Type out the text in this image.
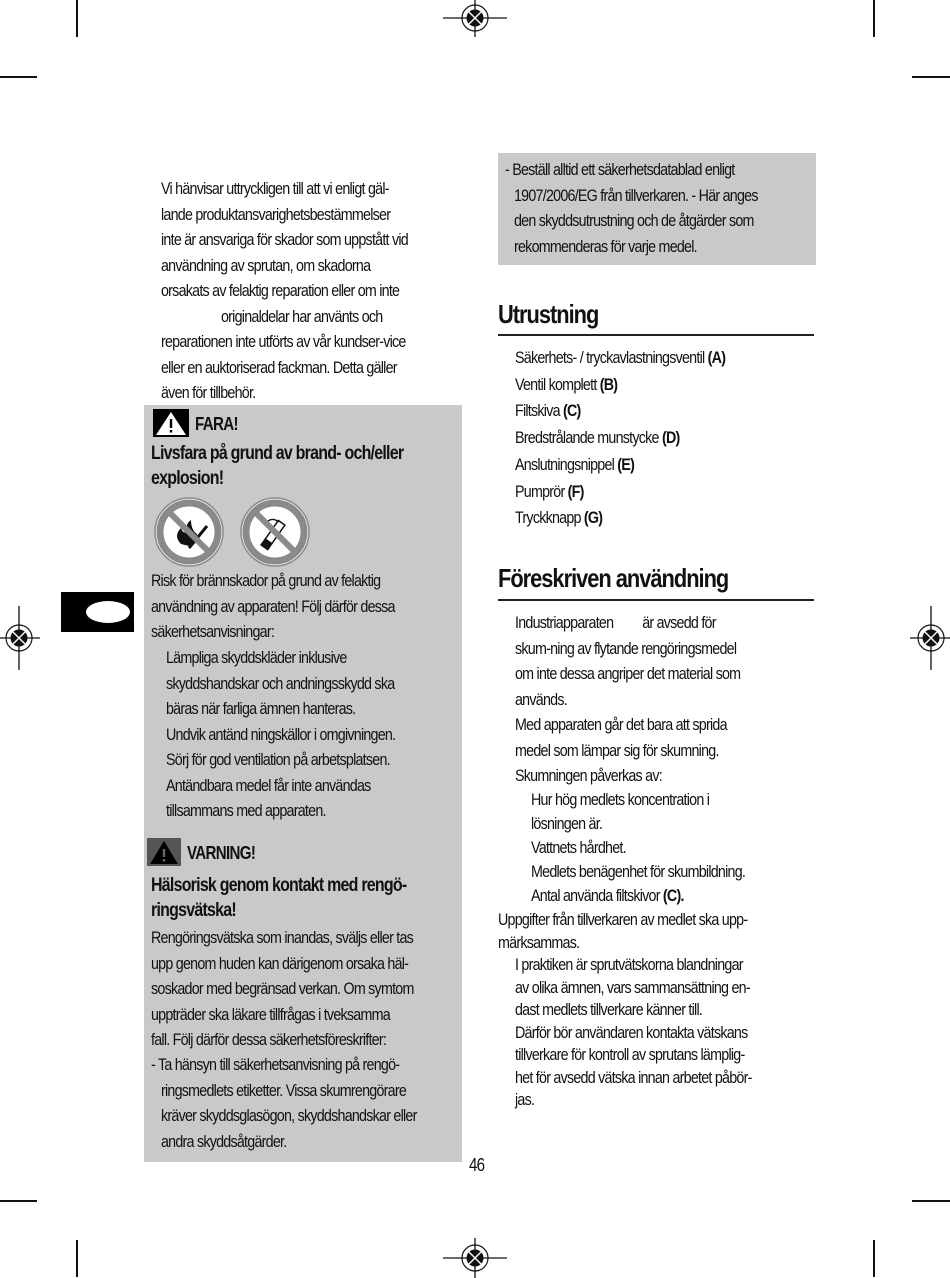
Vi hänvisar uttryckligen till att vi enligt gäl-
lande produktansvarighetsbestämmelser
inte är ansvariga för skador som uppstått vid
användning av sprutan, om skadorna
orsakats av felaktig reparation eller om inte
originaldelar har använts och
reparationen inte utförts av vår kundser-vice
eller en auktoriserad fackman. Detta gäller
även för tillbehör.
FARA!
Livsfara på grund av brand- och/eller
explosion!
Risk för brännskador på grund av felaktig
användning av apparaten! Följ därför dessa
säkerhetsanvisningar:
Lämpliga skyddskläder inklusive
skyddshandskar och andningsskydd ska
bäras när farliga ämnen hanteras.
Undvik antänd ningskällor i omgivningen.
Sörj för god ventilation på arbetsplatsen.
Antändbara medel får inte användas
tillsammans med apparaten.
VARNING!
Hälsorisk genom kontakt med rengö-
ringsvätska!
Rengöringsvätska som inandas, sväljs eller tas
upp genom huden kan därigenom orsaka häl-
soskador med begränsad verkan. Om symtom
uppträder ska läkare tillfrågas i tveksamma
fall. Följ därför dessa säkerhetsföreskrifter:
- Ta hänsyn till säkerhetsanvisning på rengö-
ringsmedlets etiketter. Vissa skumrengörare
kräver skyddsglasögon, skyddshandskar eller
andra skyddsåtgärder.
- Beställ alltid ett säkerhetsdatablad enligt
1907/2006/EG från tillverkaren. - Här anges
den skyddsutrustning och de åtgärder som
rekommenderas för varje medel.
Utrustning
Säkerhets- / tryckavlastningsventil (A)
Ventil komplett (B)
Filtskiva (C)
Bredstrålande munstycke (D)
Anslutningsnippel (E)
Pumprör (F)
Tryckknapp (G)
Föreskriven användning
Industriapparaten         är avsedd för
skum-ning av flytande rengöringsmedel
om inte dessa angriper det material som
används.
Med apparaten går det bara att sprida
medel som lämpar sig för skumning.
Skumningen påverkas av:
Hur hög medlets koncentration i
lösningen är.
Vattnets hårdhet.
Medlets benägenhet för skumbildning.
Antal använda filtskivor (C).
Uppgifter från tillverkaren av medlet ska upp-
märksammas.
I praktiken är sprutvätskorna blandningar
av olika ämnen, vars sammansättning en-
dast medlets tillverkare känner till.
Därför bör användaren kontakta vätskans
tillverkare för kontroll av sprutans lämplig-
het för avsedd vätska innan arbetet påbör-
jas.
46
